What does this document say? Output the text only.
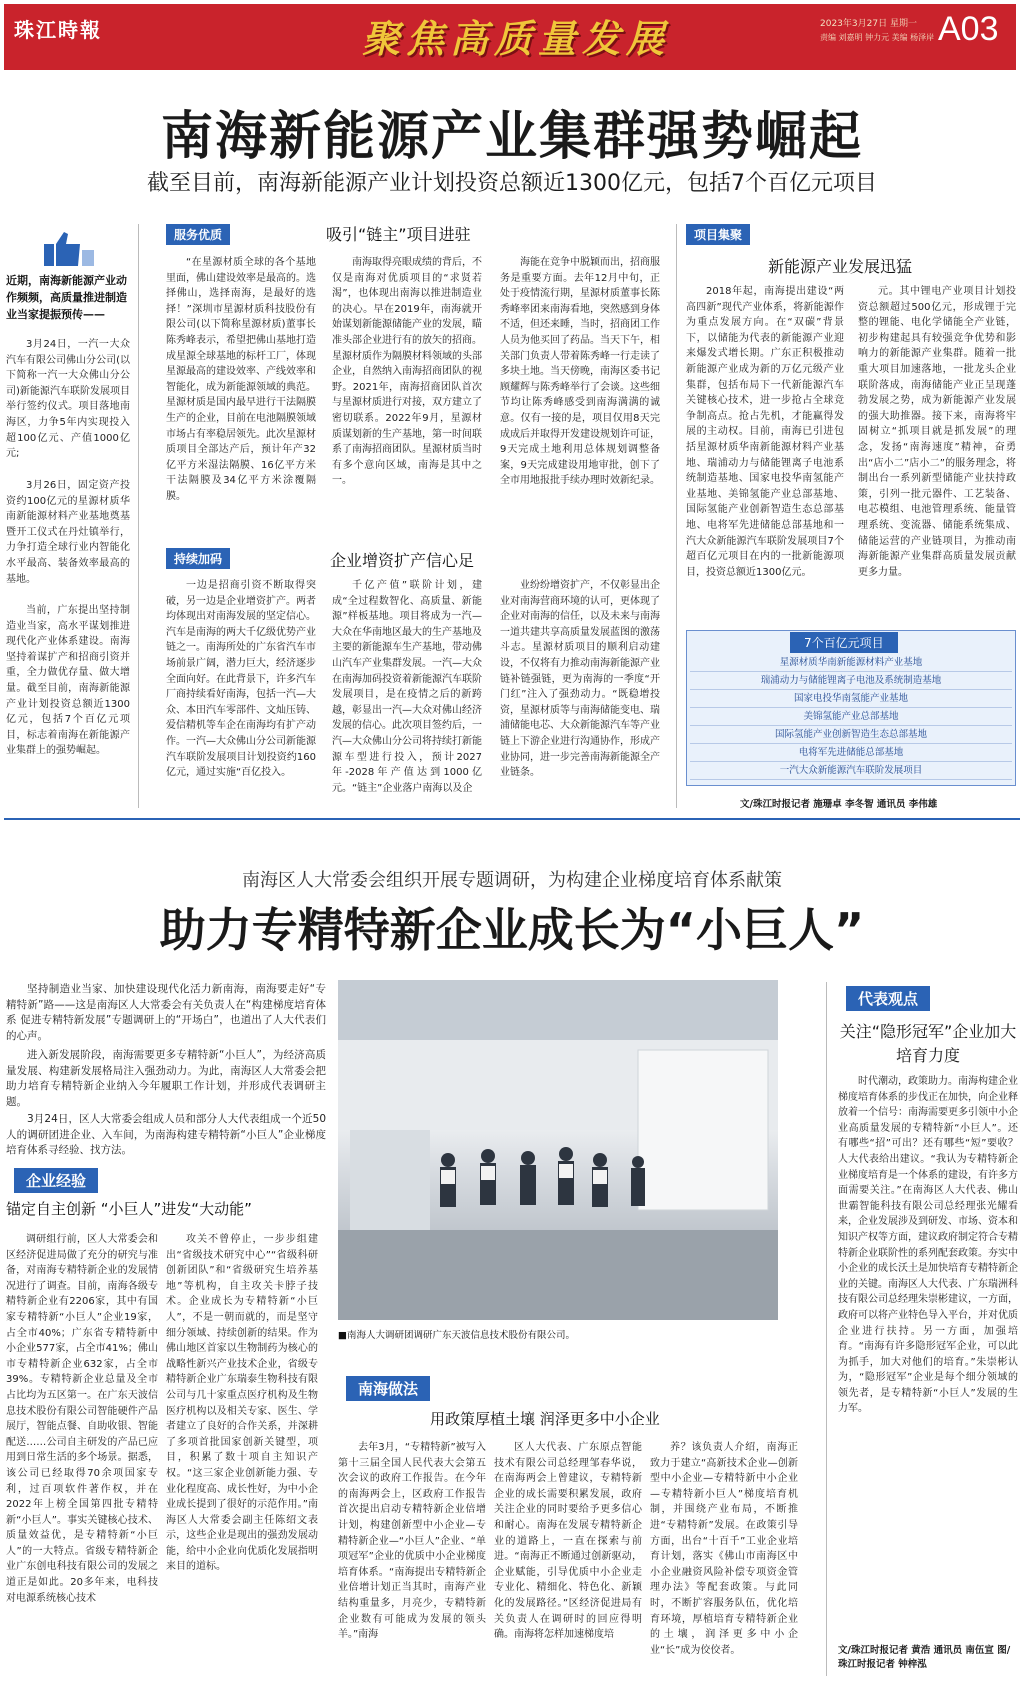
珠江時報	聚焦高质量发展	2023年3月27日 星期一
责编 刘嘉明 钟力元 美编 杨泽岸 A03
南海新能源产业集群强势崛起
截至目前，南海新能源产业计划投资总额近1300亿元，包括7个百亿元项目
近期，南海新能源产业动作频频，高质量推进制造业当家提振预传——
3月24日，一汽一大众汽车有限公司佛山分公司(以下简称一汽一大众佛山分公司)新能源汽车联阶发展项目举行签约仪式。项目落地南海区，力争5年内实现投入超100亿元、产值1000亿元;
3月26日，固定资产投资约100亿元的星源材质华南新能源材料产业基地奠基暨开工仪式在丹灶镇举行，力争打造全球行业内智能化水平最高、装备效率最高的基地。
当前，广东提出坚持制造业当家，高水平谋划推进现代化产业体系建设。南海坚持着谋扩产和招商引资并重，全力做优存量、做大增量。截至目前，南海新能源产业计划投资总额近1300亿元，包括7个百亿元项目，标志着南海在新能源产业集群上的强势崛起。
服务优质	吸引“链主”项目进驻
“在星源材质全球的各个基地里面，佛山建设效率是最高的。选择佛山，选择南海，是最好的选择！”深圳市星源材质科技股份有限公司(以下简称星源材质)董事长陈秀峰表示，希望把佛山基地打造成星源全球基地的标杆工厂，体现星源最高的建设效率、产线效率和智能化，成为新能源领域的典范。星源材质是国内最早进行干法隔膜生产的企业，目前在电池隔膜领域市场占有率稳居领先。此次星源材质项目全部达产后，预计年产32亿平方米湿法隔膜、16亿平方米干法隔膜及34亿平方米涂覆隔膜。
南海取得亮眼成绩的背后，不仅是南海对优质项目的“求贤若渴”，也体现出南海以推进制造业的决心。早在2019年，南海就开始谋划新能源储能产业的发展，瞄准头部企业进行有的放矢的招商。星源材质作为隔膜材料领域的头部企业，自然纳入南海招商团队的视野。2021年，南海招商团队首次与星源材质进行对接，双方建立了密切联系。2022年9月，星源材质谋划新的生产基地，第一时间联系了南海招商团队。星源材质当时有多个意向区域，南海是其中之一。
海能在竞争中脱颖而出，招商服务是重要方面。去年12月中旬，正处于疫情流行期，星源材质董事长陈秀峰率团来南海看地，突然感到身体不适，但还来睡，当时，招商团工作人员为他买回了药品。当天下午，相关部门负责人带着陈秀峰一行走读了多块土地。当天傍晚，南海区委书记顾耀辉与陈秀峰举行了会谈。这些细节均让陈秀峰感受到南海满满的诚意。仅有一接的是，项目仅用8天完成成后并取得开发建设规划许可证，9天完成土地利用总体规划调整备案，9天完成建设用地审批，创下了全市用地报批手续办理时效新纪录。
持续加码	企业增资扩产信心足
一边是招商引资不断取得突破，另一边是企业增资扩产。两者均体现出对南海发展的坚定信心。汽车是南海的两大千亿级优势产业链之一。南海所处的广东省汽车市场前景广阔，潜力巨大，经济逐步全面向好。在此背景下，许多汽车厂商持续看好南海，包括一汽—大众、本田汽车零部件、文灿压铸、爱信精机等车企在南海均有扩产动作。一汽—大众佛山分公司新能源汽车联阶发展项目计划投资约160亿元，通过实施“百亿投入。
千亿产值”联阶计划，建成“全过程数智化、高质量、新能源”样板基地。项目将成为一汽—大众在华南地区最大的生产基地及主要的新能源车生产基地，带动佛山汽车产业集群发展。一汽—大众在南海加码投资着新能源汽车联阶发展项目，是在疫情之后的新跨越，彰显出一汽—大众对佛山经济发展的信心。此次项目签约后，一汽—大众佛山分公司将持续打新能源车型进行投入，预计2027年-2028年产值达到1000亿元。“链主”企业落户南海以及企
业纷纷增资扩产，不仅彰显出企业对南海营商环境的认可，更体现了企业对南海的信任，以及未来与南海一道共建共享高质量发展蓝图的激荡斗志。星源材质项目的顺利启动建设，不仅将有力推动南海新能源产业链补链强链，更为南海的一季度“开门红”注入了强劲动力。“既稳增投资，星源材质等与南海储能变电、瑞浦储能电芯、大众新能源汽车等产业链上下游企业进行沟通协作，形成产业协同，进一步完善南海新能源全产业链条。
项目集聚
新能源产业发展迅猛
2018年起，南海提出建设“两高四新”现代产业体系，将新能源作为重点发展方向。在“双碳”背景下，以储能为代表的新能源产业迎来爆发式增长期。广东正积极推动新能源产业成为新的万亿元级产业集群，包括布局下一代新能源汽车关键核心技术，进一步抢占全球竞争制高点。抢占先机，才能赢得发展的主动权。目前，南海已引进包括星源材质华南新能源材料产业基地、瑞浦动力与储能锂离子电池系统制造基地、国家电投华南氢能产业基地、美锦氢能产业总部基地、国际氢能产业创新智造生态总部基地、电将军先进储能总部基地和一汽大众新能源汽车联阶发展项目7个超百亿元项目在内的一批新能源项目，投资总额近1300亿元。
元。其中锂电产业项目计划投资总额超过500亿元，形成锂于完整的锂能、电化学储能全产业链，初步构建起具有较强竞争优势和影响力的新能源产业集群。随着一批重大项目加速落地，一批龙头企业联阶落成，南海储能产业正呈现蓬勃发展之势，成为新能源产业发展的强大助推器。接下来，南海将牢固树立“抓项目就是抓发展”的理念，发扬“南海速度”精神，奋勇出“店小二”店小二”的服务理念，将制出台一系列新型储能产业扶持政策，引列一批元器件、工艺装备、电芯模组、电池管理系统、能量管理系统、变流器、储能系统集成、储能运营的产业链项目，为推动南海新能源产业集群高质量发展贡献更多力量。
7个百亿元项目
星源材质华南新能源材料产业基地
瑞浦动力与储能锂离子电池及系统制造基地
国家电投华南氢能产业基地
美锦氢能产业总部基地
国际氢能产业创新智造生态总部基地
电将军先进储能总部基地
一汽大众新能源汽车联阶发展项目
文/珠江时报记者 施珊卓 李冬智 通讯员 李伟雄
南海区人大常委会组织开展专题调研，为构建企业梯度培育体系献策
助力专精特新企业成长为“小巨人”
坚持制造业当家、加快建设现代化活力新南海，南海要走好“专精特新”路——这是南海区人大常委会有关负责人在“构建梯度培育体系 促进专精特新发展”专题调研上的“开场白”，也道出了人大代表们的心声。
进入新发展阶段，南海需要更多专精特新“小巨人”，为经济高质量发展、构建新发展格局注入强劲动力。为此，南海区人大常委会把助力培育专精特新企业纳入今年履职工作计划，并形成代表调研主题。
3月24日，区人大常委会组成人员和部分人大代表组成一个近50人的调研团进企业、入车间，为南海构建专精特新“小巨人”企业梯度培育体系寻经验、找方法。
企业经验
锚定自主创新 “小巨人”进发“大动能”
调研组行前，区人大常委会和区经济促进局做了充分的研究与准备，对南海专精特新企业的发展情况进行了调查。目前，南海各级专精特新企业有2206家，其中有国家专精特新“小巨人”企业19家，占全市40%；广东省专精特新中小企业577家，占全市41%；佛山市专精特新企业632家，占全市39%。专精特新企业总量及全市占比均为五区第一。在广东天波信息技术股份有限公司智能硬件产品展厅，智能点餐、自助收银、智能配送……公司自主研发的产品已应用到日常生活的多个场景。据悉，该公司已经取得70余项国家专利，过百项软件著作权，并在2022年上榜全国第四批专精特新“小巨人”。事实关键核心技术、质量效益优，是专精特新“小巨人”的一大特点。省级专精特新企业广东创电科技有限公司的发展之道正是如此。20多年来，电科技对电源系统核心技术
攻关不曾停止，一步步组建出“省级技术研究中心”“省级科研创新团队”和“省级研究生培养基地”等机构，自主攻关卡脖子技术。企业成长为专精特新“小巨人”，不是一朝而就的，而是坚守细分领域、持续创新的结果。作为佛山地区首家以生物制药为核心的战略性新兴产业技术企业，省级专精特新企业广东瑞泰生物科技有限公司与几十家重点医疗机构及生物医疗机构以及相关专家、医生、学者建立了良好的合作关系，并深耕了多项首批国家创新关键型，项目，积累了数十项自主知识产权。“这三家企业创新能力强、专业化程度高、成长性好，为中小企业成长提到了很好的示范作用。”南海区人大常委会副主任陈绍文表示，这些企业是现出的强劲发展动能，给中小企业向优质化发展指明来目的道标。
■南海人大调研团调研广东天波信息技术股份有限公司。
南海做法
用政策厚植土壤 润泽更多中小企业
去年3月，“专精特新”被写入第十三届全国人民代表大会第五次会议的政府工作报告。在今年的南海两会上，区政府工作报告首次提出启动专精特新企业倍增计划，构建创新型中小企业—专精特新企业—“小巨人”企业、“单项冠军”企业的优质中小企业梯度培育体系。“南海提出专精特新企业倍增计划正当其时，南海产业结构重量多，月亮少，专精特新企业数有可能成为发展的领头羊。”南海
区人大代表、广东原点智能技术有限公司总经理邹春华说，在南海两会上曾建议，专精特新企业的成长需要积累发展，政府关注企业的同时要给予更多信心和耐心。南海在发展专精特新企业的道路上，一直在探索与前进。“南海正不断通过创新驱动，企业赋能，引导优质中小企业走专业化、精细化、特色化、新颖化的发展路径。”区经济促进局有关负责人在调研时的回应得明确。南海将怎样加速梯度培
养？该负责人介绍，南海正致力于建立“高新技术企业—创新型中小企业—专精特新中小企业—专精特新小巨人”梯度培育机制，并围绕产业布局，不断推进“专精特新”发展。在政策引导方面，出台“十百千”工业企业培育计划，落实《佛山市南海区中小企业融资风险补偿专项资金管理办法》等配套政策。与此同时，不断扩容服务队伍，优化培育环境，厚植培育专精特新企业的土壤，润泽更多中小企业“长”成为佼佼者。
代表观点
关注“隐形冠军”企业加大培育力度
时代潮动，政策助力。南海构建企业梯度培育体系的步伐正在加快，向企业释放着一个信号：南海需要更多引领中小企业高质量发展的专精特新“小巨人”。还有哪些“招”可出？还有哪些“短”要收？人大代表给出建议。“我认为专精特新企业梯度培育是一个体系的建设，有许多方面需要关注。”在南海区人大代表、佛山世霸智能科技有限公司总经理张光耀看来，企业发展涉及到研发、市场、资本和知识产权等方面，建议政府制定符合专精特新企业联阶性的系列配套政策。夯实中小企业的成长沃土是加快培育专精特新企业的关键。南海区人大代表、广东瑞洲科技有限公司总经理朱崇彬建议，一方面，政府可以将产业特色导入平台，并对优质企业进行扶持。另一方面，加强培育。“南海有许多隐形冠军企业，可以此为抓手，加大对他们的培育。”朱崇彬认为，“隐形冠军”企业是每个细分领域的领先者，是专精特新“小巨人”发展的生力军。
文/珠江时报记者 黄浩 通讯员 南伍宣 图/珠江时报记者 钟梓泓
